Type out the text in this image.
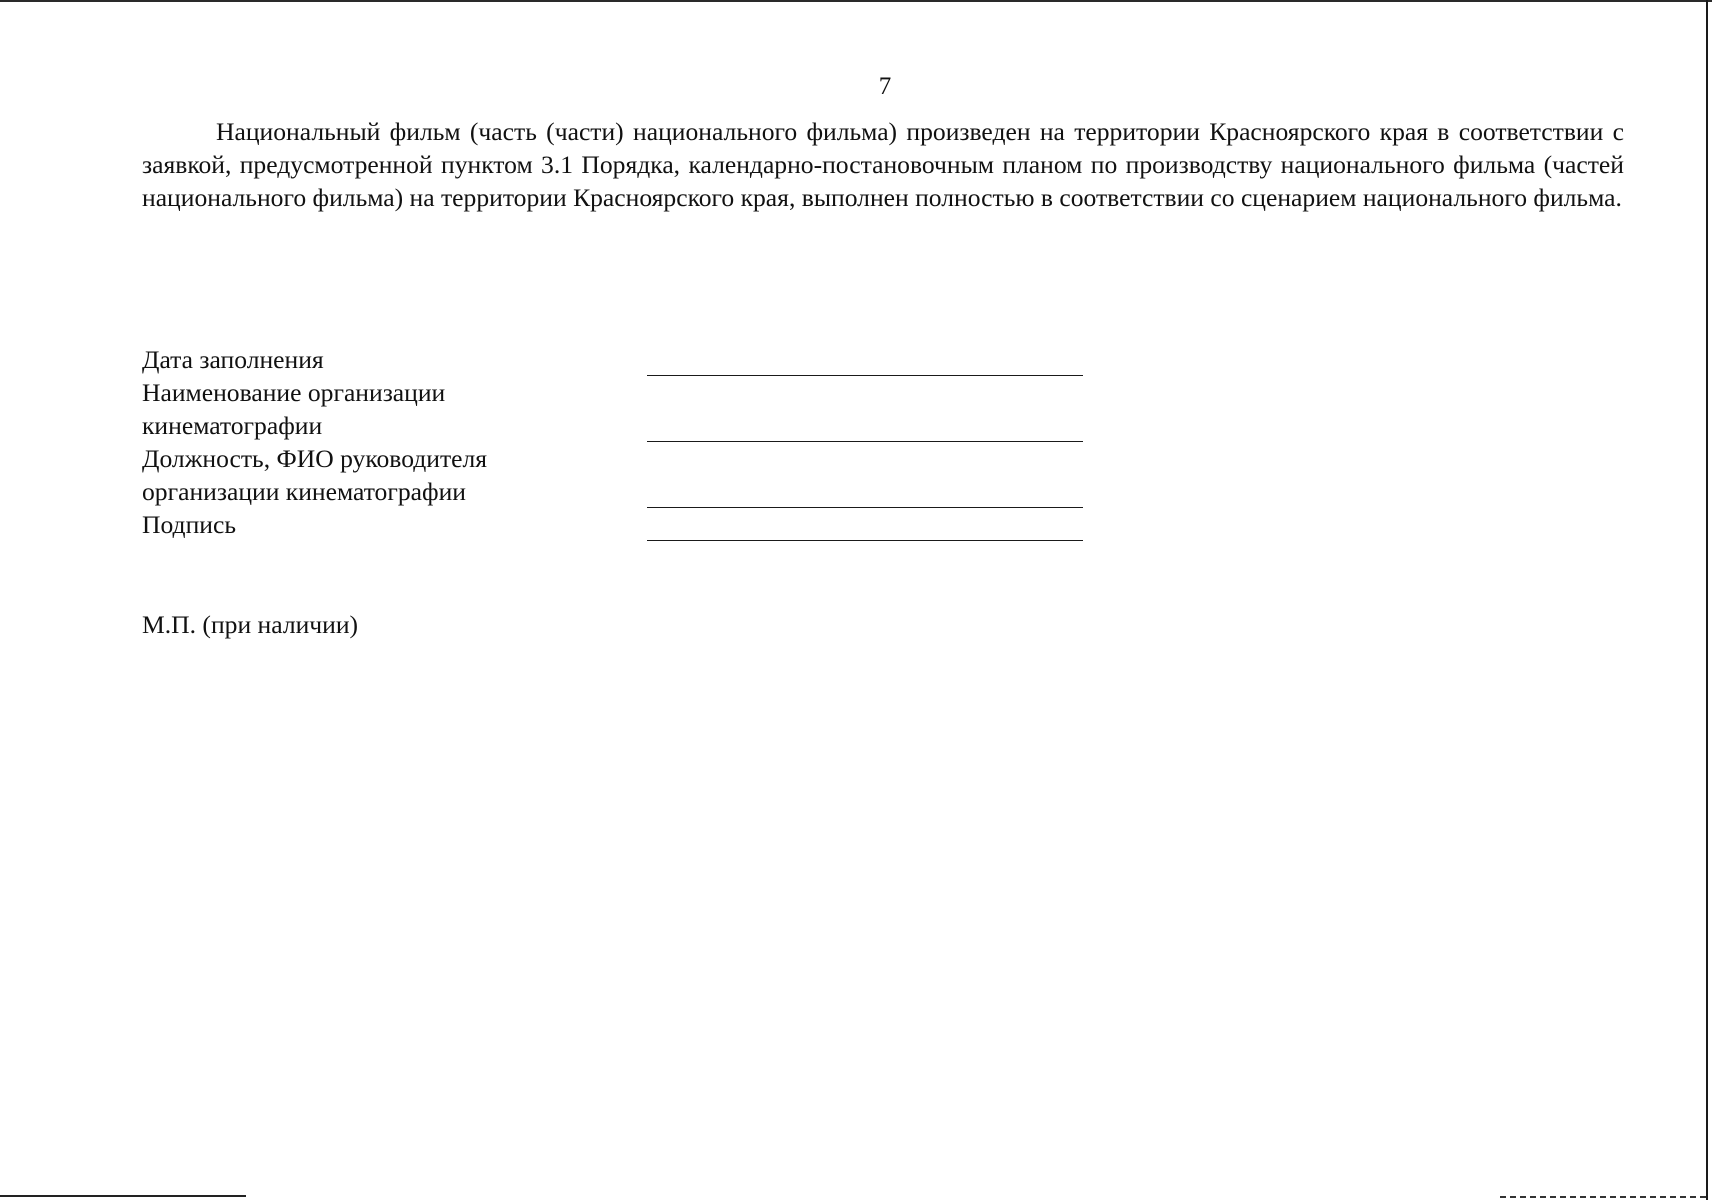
7

Национальный фильм (часть (части) национального фильма) произведен на территории Красноярского края в соответствии с заявкой, предусмотренной пунктом 3.1 Порядка, календарно-постановочным планом по производству национального фильма (частей национального фильма) на территории Красноярского края, выполнен полностью в соответствии со сценарием национального фильма.

Дата заполнения
Наименование организации
кинематографии
Должность, ФИО руководителя
организации кинематографии
Подпись

М.П. (при наличии)
